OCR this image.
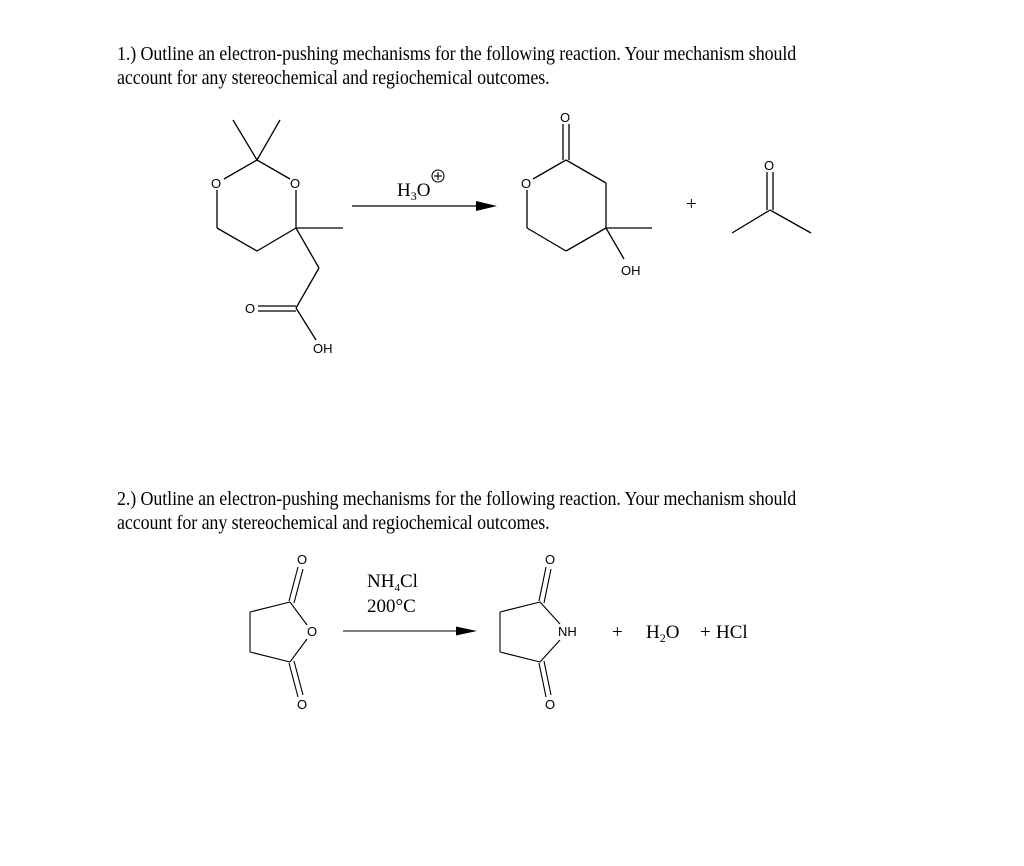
1.) Outline an electron-pushing mechanisms for the following reaction. Your mechanism should
account for any stereochemical and regiochemical outcomes.
2.) Outline an electron-pushing mechanisms for the following reaction. Your mechanism should
account for any stereochemical and regiochemical outcomes.
O	O
O
OH
$H_3O$
O
O
OH
+
O
O
O
O
$NH_4Cl$
200°C
O
NH
O
+ $H_2O$ + HCl
